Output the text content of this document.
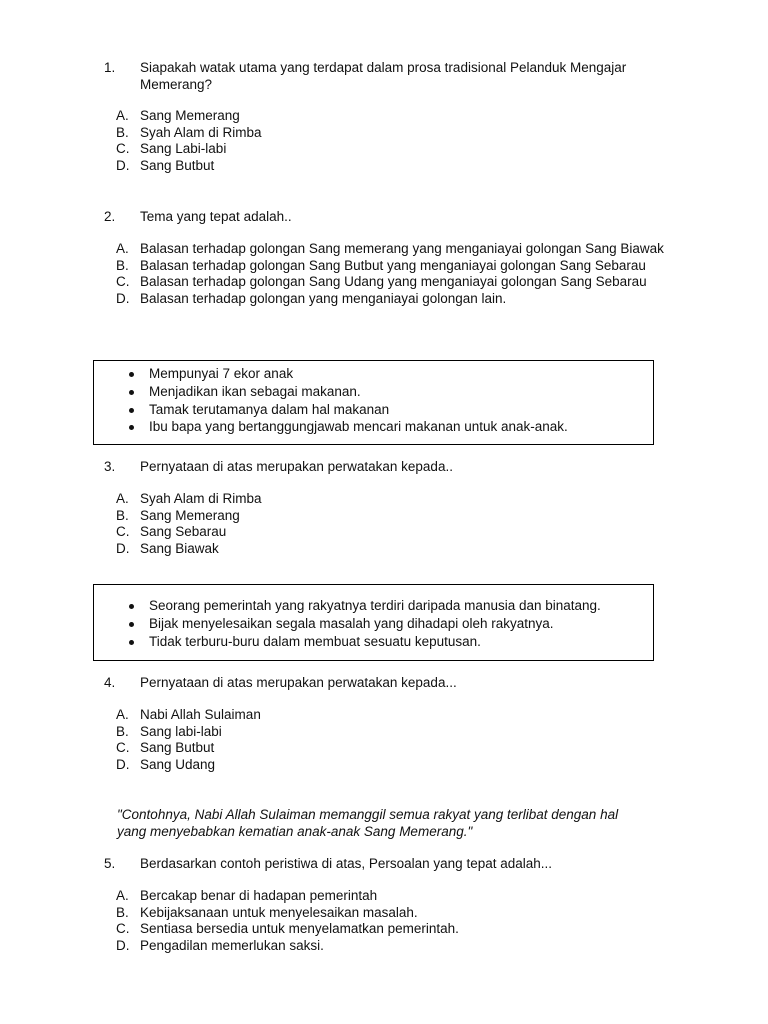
1. Siapakah watak utama yang terdapat dalam prosa tradisional Pelanduk Mengajar Memerang?
A. Sang Memerang
B. Syah Alam di Rimba
C. Sang Labi-labi
D. Sang Butbut
2. Tema yang tepat adalah..
A. Balasan terhadap golongan Sang memerang yang menganiayai golongan Sang Biawak
B. Balasan terhadap golongan Sang Butbut yang menganiayai golongan Sang Sebarau
C. Balasan terhadap golongan Sang Udang yang menganiayai golongan Sang Sebarau
D. Balasan terhadap golongan yang menganiayai golongan lain.
Mempunyai 7 ekor anak
Menjadikan ikan sebagai makanan.
Tamak terutamanya dalam hal makanan
Ibu bapa yang bertanggungjawab mencari makanan untuk anak-anak.
3. Pernyataan di atas merupakan perwatakan kepada..
A. Syah Alam di Rimba
B. Sang Memerang
C. Sang Sebarau
D. Sang Biawak
Seorang pemerintah yang rakyatnya terdiri daripada manusia dan binatang.
Bijak menyelesaikan segala masalah yang dihadapi oleh rakyatnya.
Tidak terburu-buru dalam membuat sesuatu keputusan.
4. Pernyataan di atas merupakan perwatakan kepada...
A. Nabi Allah Sulaiman
B. Sang labi-labi
C. Sang Butbut
D. Sang Udang
"Contohnya, Nabi Allah Sulaiman memanggil semua rakyat yang terlibat dengan hal yang menyebabkan kematian anak-anak Sang Memerang."
5. Berdasarkan contoh peristiwa di atas, Persoalan yang tepat adalah...
A. Bercakap benar di hadapan pemerintah
B. Kebijaksanaan untuk menyelesaikan masalah.
C. Sentiasa bersedia untuk menyelamatkan pemerintah.
D. Pengadilan memerlukan saksi.
